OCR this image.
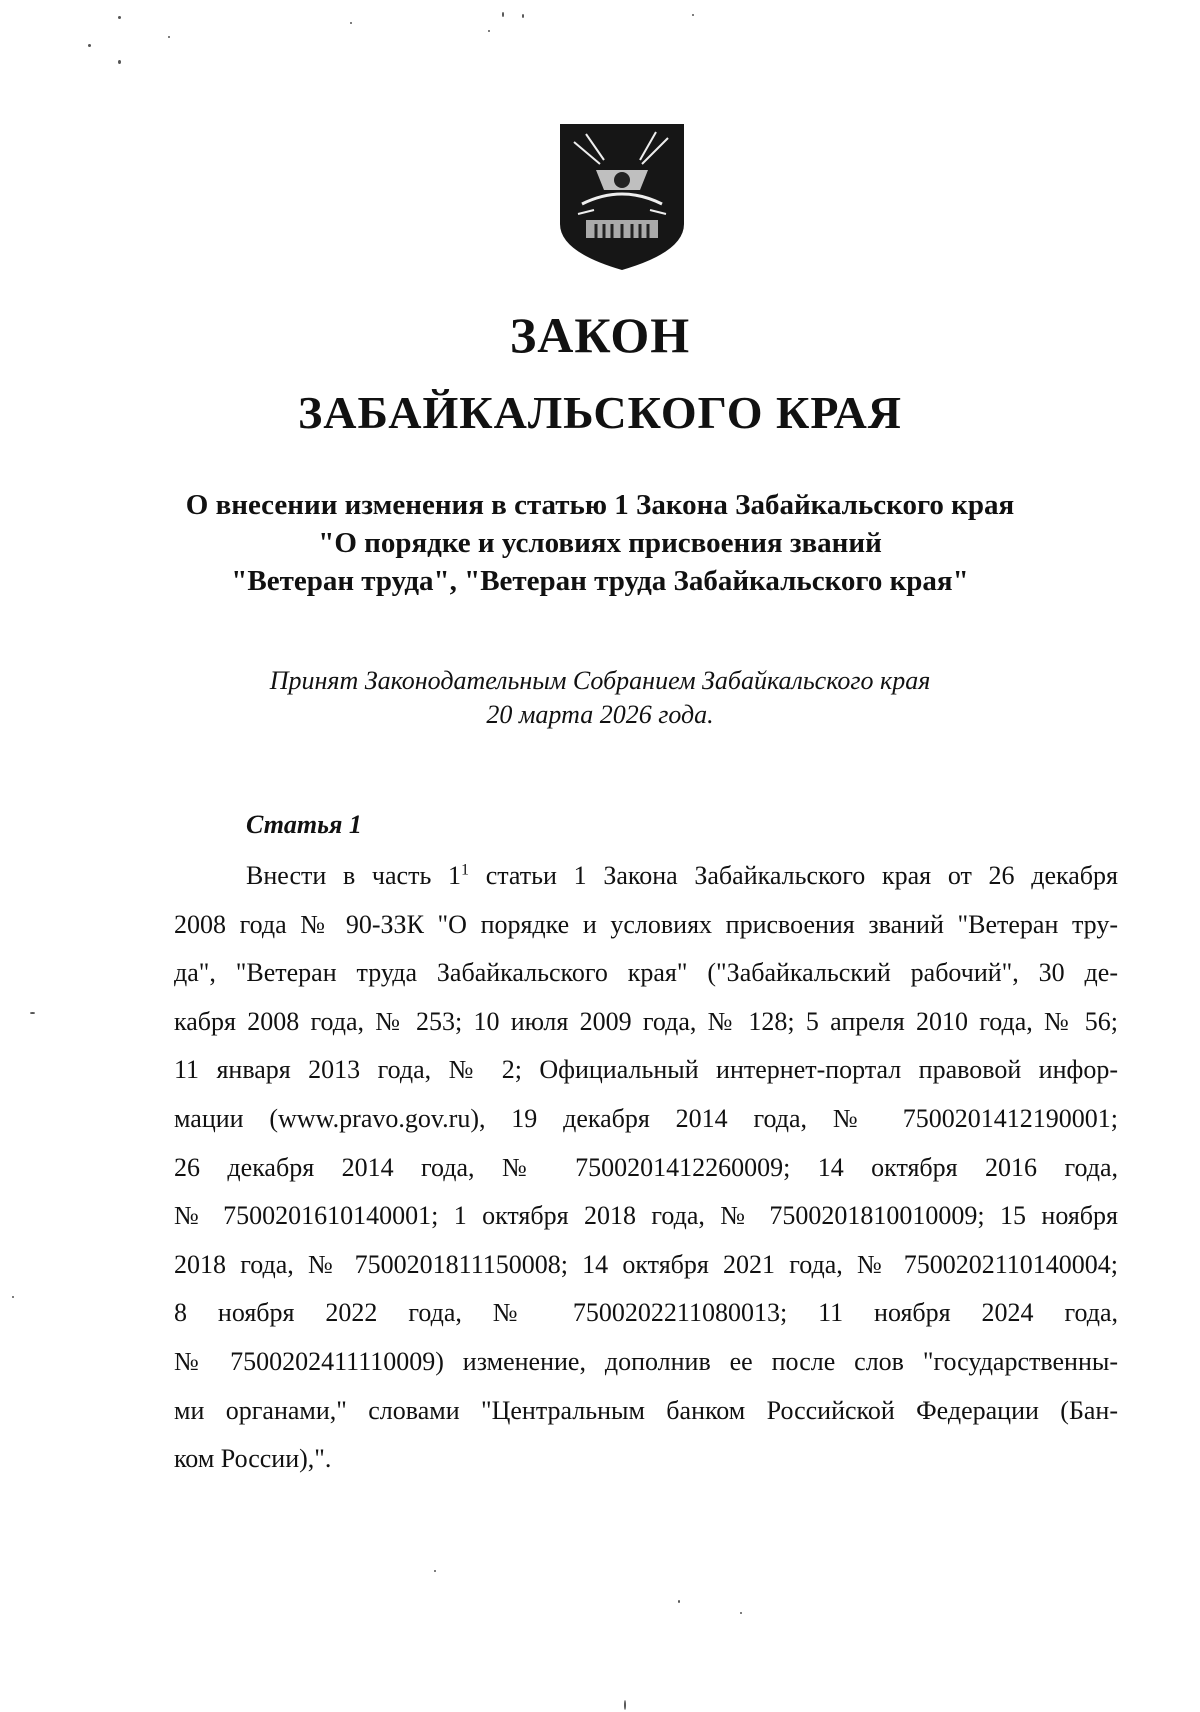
ЗАКОН
ЗАБАЙКАЛЬСКОГО КРАЯ
О внесении изменения в статью 1 Закона Забайкальского края
"О порядке и условиях присвоения званий
"Ветеран труда", "Ветеран труда Забайкальского края"
Принят Законодательным Собранием Забайкальского края
20 марта 2026 года.
Статья 1
Внести в часть $1^1$ статьи 1 Закона Забайкальского края от 26 декабря
2008 года № 90-ЗЗК "О порядке и условиях присвоения званий "Ветеран тру-
да", "Ветеран труда Забайкальского края" ("Забайкальский рабочий", 30 де-
кабря 2008 года, № 253; 10 июля 2009 года, № 128; 5 апреля 2010 года, № 56;
11 января 2013 года, № 2; Официальный интернет-портал правовой инфор-
мации (www.pravo.gov.ru), 19 декабря 2014 года, № 7500201412190001;
26 декабря 2014 года, № 7500201412260009; 14 октября 2016 года,
№ 7500201610140001; 1 октября 2018 года, № 7500201810010009; 15 ноября
2018 года, № 7500201811150008; 14 октября 2021 года, № 7500202110140004;
8 ноября 2022 года, № 7500202211080013; 11 ноября 2024 года,
№ 7500202411110009) изменение, дополнив ее после слов "государственны-
ми органами," словами "Центральным банком Российской Федерации (Бан-
ком России),".
